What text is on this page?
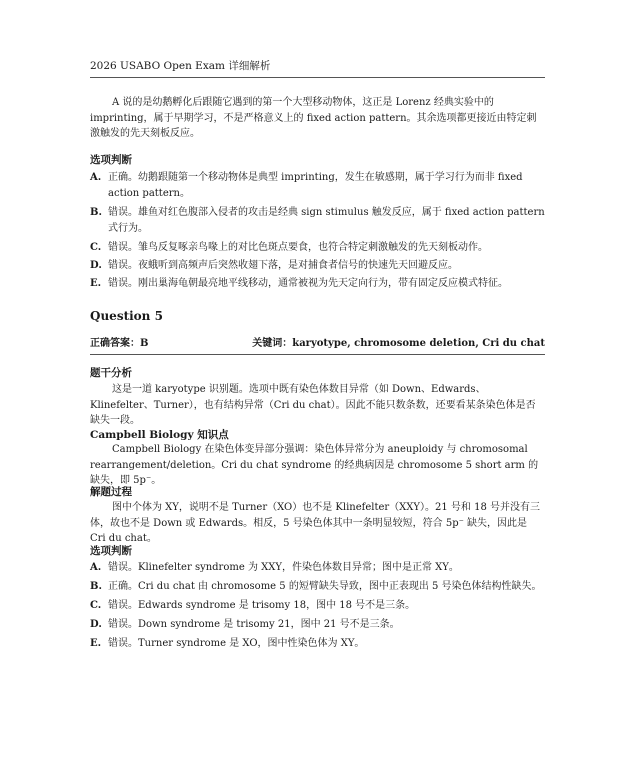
2026 USABO Open Exam 详细解析

A 说的是幼鹅孵化后跟随它遇到的第一个大型移动物体，这正是 Lorenz 经典实验中的 imprinting，属于早期学习，不是严格意义上的 fixed action pattern。其余选项都更接近由特定刺激触发的先天刻板反应。

选项判断
A. 正确。幼鹅跟随第一个移动物体是典型 imprinting，发生在敏感期，属于学习行为而非 fixed action pattern。
B. 错误。雄鱼对红色腹部入侵者的攻击是经典 sign stimulus 触发反应，属于 fixed action pattern 式行为。
C. 错误。雏鸟反复啄亲鸟喙上的对比色斑点要食，也符合特定刺激触发的先天刻板动作。
D. 错误。夜蛾听到高频声后突然收翅下落，是对捕食者信号的快速先天回避反应。
E. 错误。刚出巢海龟朝最亮地平线移动，通常被视为先天定向行为，带有固定反应模式特征。
Question 5
正确答案：B	关键词：karyotype, chromosome deletion, Cri du chat
题干分析

这是一道 karyotype 识别题。选项中既有染色体数目异常（如 Down、Edwards、Klinefelter、Turner），也有结构异常（Cri du chat）。因此不能只数条数，还要看某条染色体是否缺失一段。

Campbell Biology 知识点

Campbell Biology 在染色体变异部分强调：染色体异常分为 aneuploidy 与 chromosomal rearrangement/deletion。Cri du chat syndrome 的经典病因是 chromosome 5 short arm 的缺失，即 5p⁻。

解题过程

图中个体为 XY，说明不是 Turner（XO）也不是 Klinefelter（XXY）。21 号和 18 号并没有三体，故也不是 Down 或 Edwards。相反，5 号染色体其中一条明显较短，符合 5p⁻ 缺失，因此是 Cri du chat。

选项判断
A. 错误。Klinefelter syndrome 为 XXY，件染色体数目异常；图中是正常 XY。
B. 正确。Cri du chat 由 chromosome 5 的短臂缺失导致，图中正表现出 5 号染色体结构性缺失。
C. 错误。Edwards syndrome 是 trisomy 18，图中 18 号不是三条。
D. 错误。Down syndrome 是 trisomy 21，图中 21 号不是三条。
E. 错误。Turner syndrome 是 XO，图中性染色体为 XY。
